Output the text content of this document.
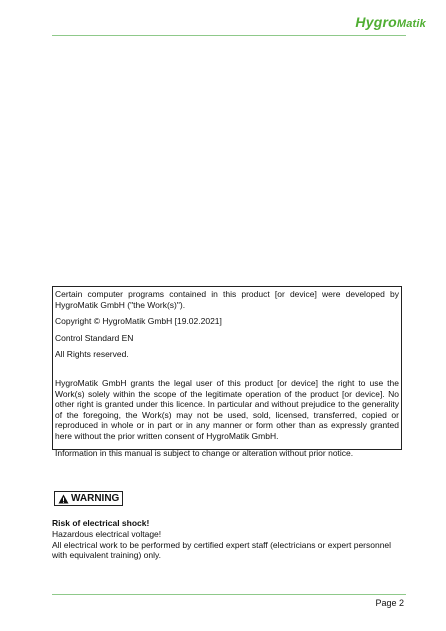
HygroMatik

Certain computer programs contained in this product [or device] were developed by HygroMatik GmbH ("the Work(s)").

Copyright © HygroMatik GmbH [19.02.2021]

Control Standard EN

All Rights reserved.

HygroMatik GmbH grants the legal user of this product [or device] the right to use the Work(s) solely within the scope of the legitimate operation of the product [or device]. No other right is granted under this licence. In particular and without prejudice to the generality of the foregoing, the Work(s) may not be used, sold, licensed, transferred, copied or reproduced in whole or in part or in any manner or form other than as expressly granted here without the prior written consent of HygroMatik GmbH.

Information in this manual is subject to change or alteration without prior notice.

WARNING

Risk of electrical shock!

Hazardous electrical voltage!

All electrical work to be performed by certified expert staff (electricians or expert personnel with equivalent training) only.

Page 2
